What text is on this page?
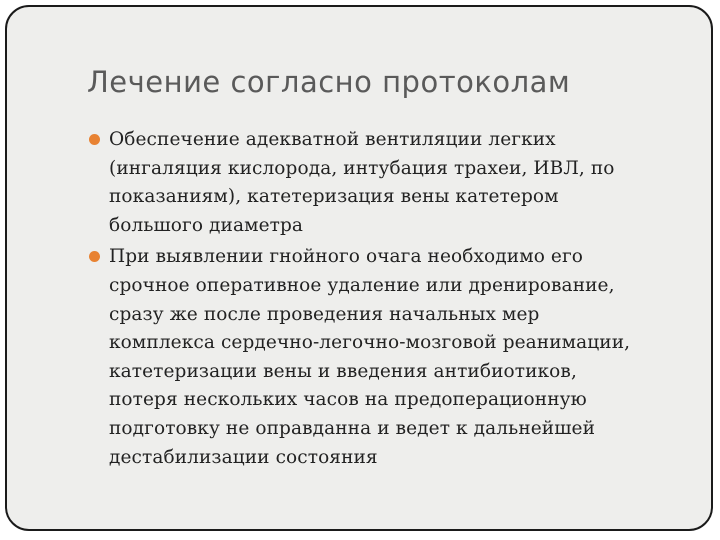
Лечение согласно протоколам
Обеспечение адекватной вентиляции легких
(ингаляция кислорода, интубация трахеи, ИВЛ, по
показаниям), катетеризация вены катетером
большого диаметра
При выявлении гнойного очага необходимо его
срочное оперативное удаление или дренирование,
сразу же после проведения начальных мер
комплекса сердечно-легочно-мозговой реанимации,
катетеризации вены и введения антибиотиков,
потеря нескольких часов на предоперационную
подготовку не оправданна и ведет к дальнейшей
дестабилизации состояния
